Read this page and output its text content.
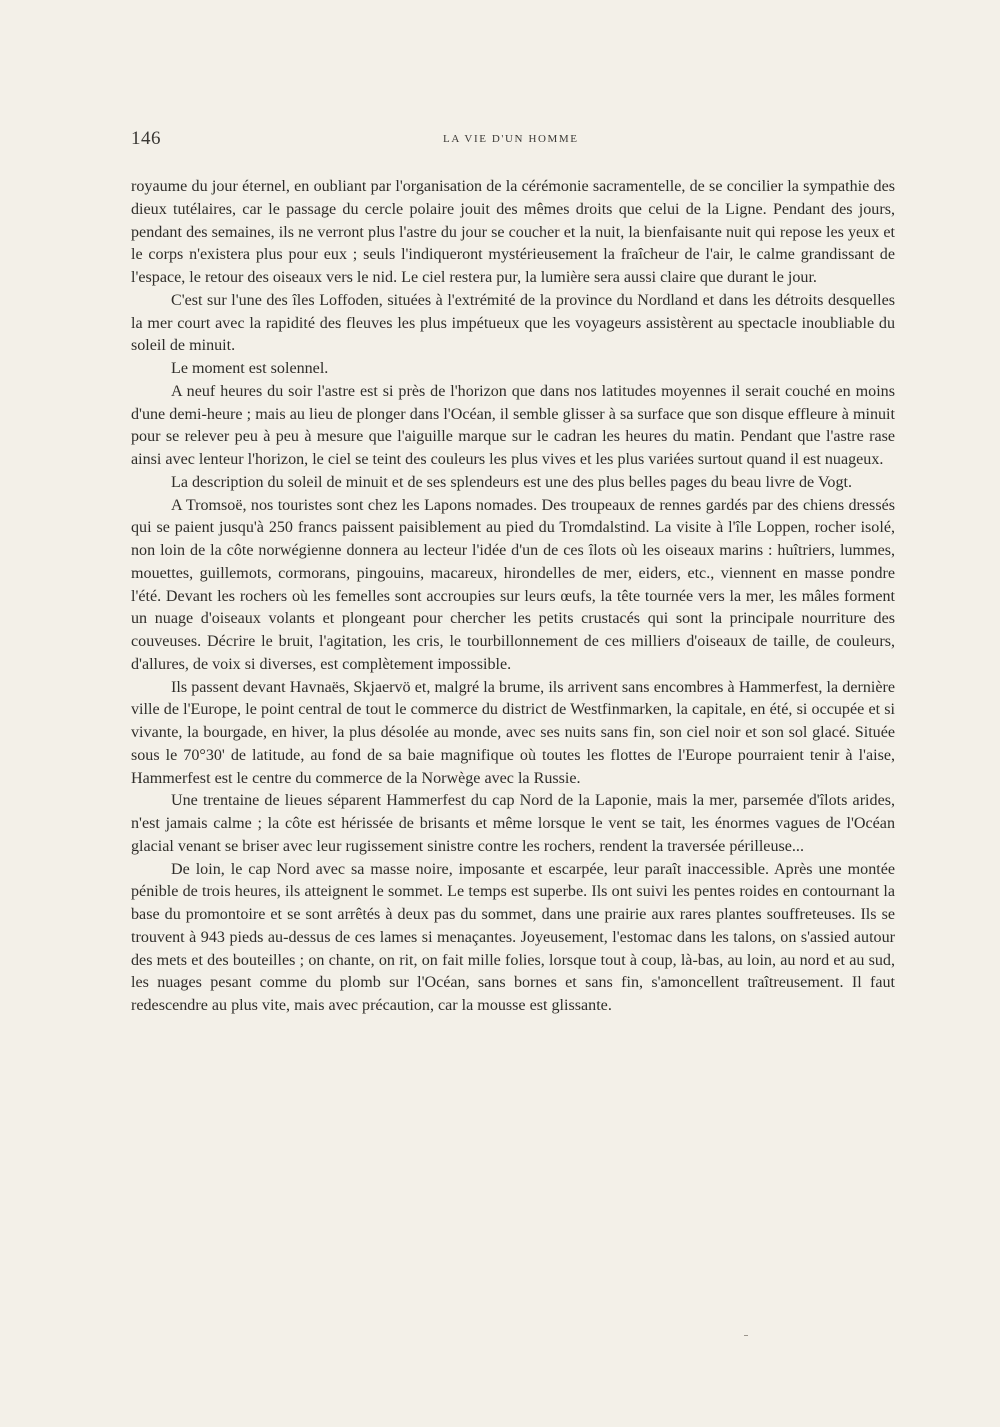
146	LA VIE D'UN HOMME

royaume du jour éternel, en oubliant par l'organisation de la cérémonie sacramentelle, de se concilier la sympathie des dieux tutélaires, car le passage du cercle polaire jouit des mêmes droits que celui de la Ligne. Pendant des jours, pendant des semaines, ils ne verront plus l'astre du jour se coucher et la nuit, la bienfaisante nuit qui repose les yeux et le corps n'existera plus pour eux ; seuls l'indiqueront mystérieusement la fraîcheur de l'air, le calme grandissant de l'espace, le retour des oiseaux vers le nid. Le ciel restera pur, la lumière sera aussi claire que durant le jour.

C'est sur l'une des îles Loffoden, situées à l'extrémité de la province du Nordland et dans les détroits desquelles la mer court avec la rapidité des fleuves les plus impétueux que les voyageurs assistèrent au spectacle inoubliable du soleil de minuit.

Le moment est solennel.

A neuf heures du soir l'astre est si près de l'horizon que dans nos latitudes moyennes il serait couché en moins d'une demi-heure ; mais au lieu de plonger dans l'Océan, il semble glisser à sa surface que son disque effleure à minuit pour se relever peu à peu à mesure que l'aiguille marque sur le cadran les heures du matin. Pendant que l'astre rase ainsi avec lenteur l'horizon, le ciel se teint des couleurs les plus vives et les plus variées surtout quand il est nuageux.

La description du soleil de minuit et de ses splendeurs est une des plus belles pages du beau livre de Vogt.

A Tromsoë, nos touristes sont chez les Lapons nomades. Des troupeaux de rennes gardés par des chiens dressés qui se paient jusqu'à 250 francs paissent paisiblement au pied du Tromdalstind. La visite à l'île Loppen, rocher isolé, non loin de la côte norwégienne donnera au lecteur l'idée d'un de ces îlots où les oiseaux marins : huîtriers, lummes, mouettes, guillemots, cormorans, pingouins, macareux, hirondelles de mer, eiders, etc., viennent en masse pondre l'été. Devant les rochers où les femelles sont accroupies sur leurs œufs, la tête tournée vers la mer, les mâles forment un nuage d'oiseaux volants et plongeant pour chercher les petits crustacés qui sont la principale nourriture des couveuses. Décrire le bruit, l'agitation, les cris, le tourbillonnement de ces milliers d'oiseaux de taille, de couleurs, d'allures, de voix si diverses, est complètement impossible.

Ils passent devant Havnaës, Skjaervö et, malgré la brume, ils arrivent sans encombres à Hammerfest, la dernière ville de l'Europe, le point central de tout le commerce du district de Westfinmarken, la capitale, en été, si occupée et si vivante, la bourgade, en hiver, la plus désolée au monde, avec ses nuits sans fin, son ciel noir et son sol glacé. Située sous le 70°30' de latitude, au fond de sa baie magnifique où toutes les flottes de l'Europe pourraient tenir à l'aise, Hammerfest est le centre du commerce de la Norwège avec la Russie.

Une trentaine de lieues séparent Hammerfest du cap Nord de la Laponie, mais la mer, parsemée d'îlots arides, n'est jamais calme ; la côte est hérissée de brisants et même lorsque le vent se tait, les énormes vagues de l'Océan glacial venant se briser avec leur rugissement sinistre contre les rochers, rendent la traversée périlleuse...

De loin, le cap Nord avec sa masse noire, imposante et escarpée, leur paraît inaccessible. Après une montée pénible de trois heures, ils atteignent le sommet. Le temps est superbe. Ils ont suivi les pentes roides en contournant la base du promontoire et se sont arrêtés à deux pas du sommet, dans une prairie aux rares plantes souffreteuses. Ils se trouvent à 943 pieds au-dessus de ces lames si menaçantes. Joyeusement, l'estomac dans les talons, on s'assied autour des mets et des bouteilles ; on chante, on rit, on fait mille folies, lorsque tout à coup, là-bas, au loin, au nord et au sud, les nuages pesant comme du plomb sur l'Océan, sans bornes et sans fin, s'amoncellent traîtreusement. Il faut redescendre au plus vite, mais avec précaution, car la mousse est glissante.
